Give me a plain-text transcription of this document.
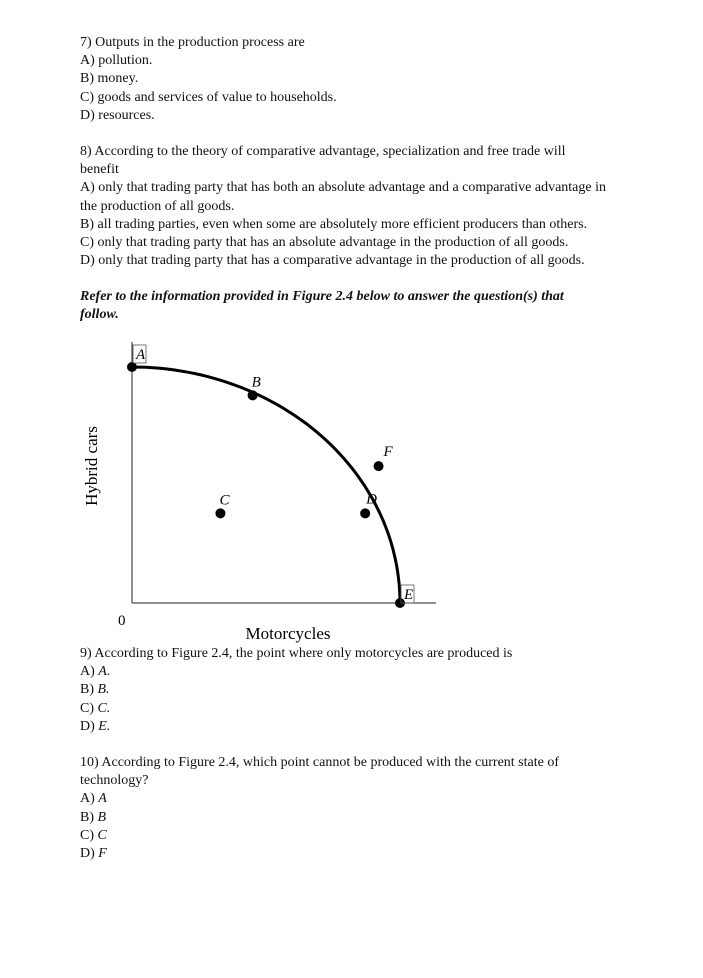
7) Outputs in the production process are
A) pollution.
B) money.
C) goods and services of value to households.
D) resources.
8) According to the theory of comparative advantage, specialization and free trade will
benefit
A) only that trading party that has both an absolute advantage and a comparative advantage in
the production of all goods.
B) all trading parties, even when some are absolutely more efficient producers than others.
C) only that trading party that has an absolute advantage in the production of all goods.
D) only that trading party that has a comparative advantage in the production of all goods.
Refer to the information provided in Figure 2.4 below to answer the question(s) that
follow.
A
B
C	D
E
F
0
Motorcycles
Hybrid cars
9) According to Figure 2.4, the point where only motorcycles are produced is
A) A.
B) B.
C) C.
D) E.
10) According to Figure 2.4, which point cannot be produced with the current state of
technology?
A) A
B) B
C) C
D) F
